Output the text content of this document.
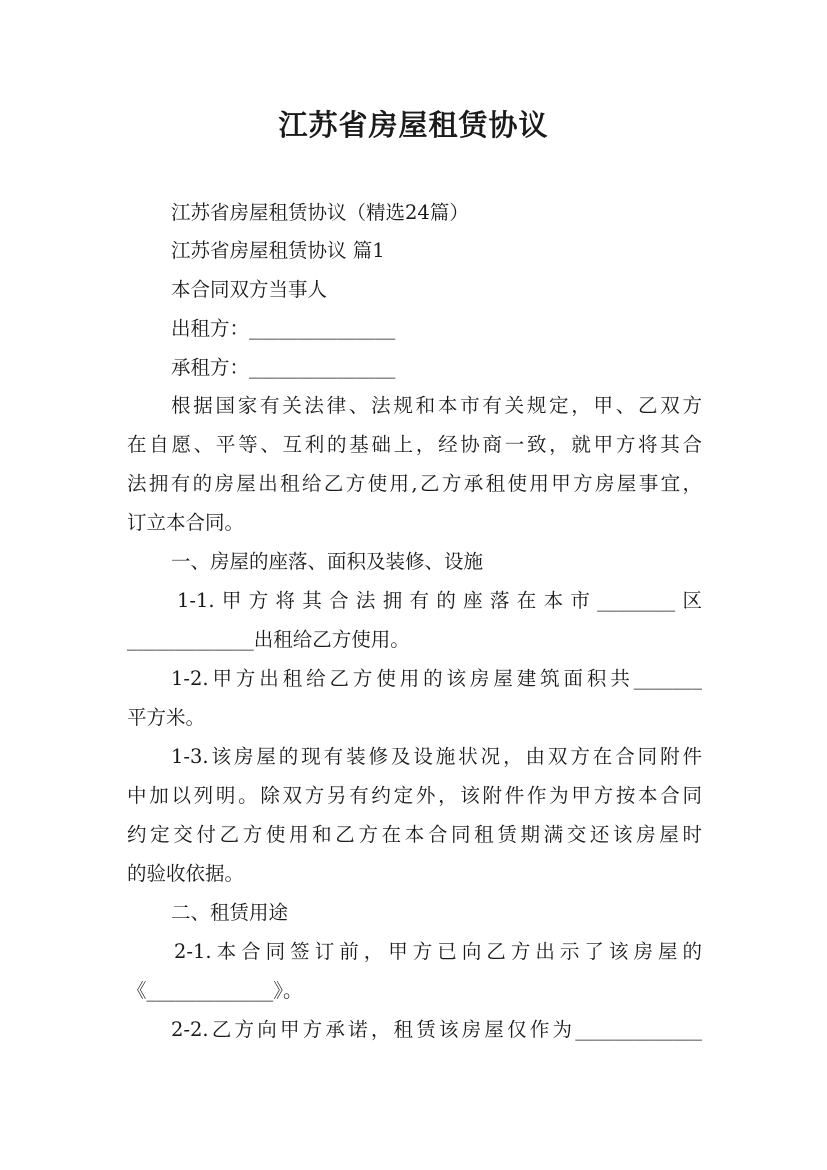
江苏省房屋租赁协议
江苏省房屋租赁协议（精选24篇）
江苏省房屋租赁协议 篇1
本合同双方当事人
出租方：_______________
承租方：_______________
根据国家有关法律、法规和本市有关规定，甲、乙双方
在自愿、平等、互利的基础上，经协商一致，就甲方将其合
法拥有的房屋出租给乙方使用,乙方承租使用甲方房屋事宜，
订立本合同。
一、房屋的座落、面积及装修、设施
1-1.甲方将其合法拥有的座落在本市________区
_____________出租给乙方使用。
1-2.甲方出租给乙方使用的该房屋建筑面积共_______
平方米。
1-3.该房屋的现有装修及设施状况，由双方在合同附件
中加以列明。除双方另有约定外，该附件作为甲方按本合同
约定交付乙方使用和乙方在本合同租赁期满交还该房屋时
的验收依据。
二、租赁用途
2-1.本合同签订前，甲方已向乙方出示了该房屋的
《_____________》。
2-2.乙方向甲方承诺，租赁该房屋仅作为_____________
